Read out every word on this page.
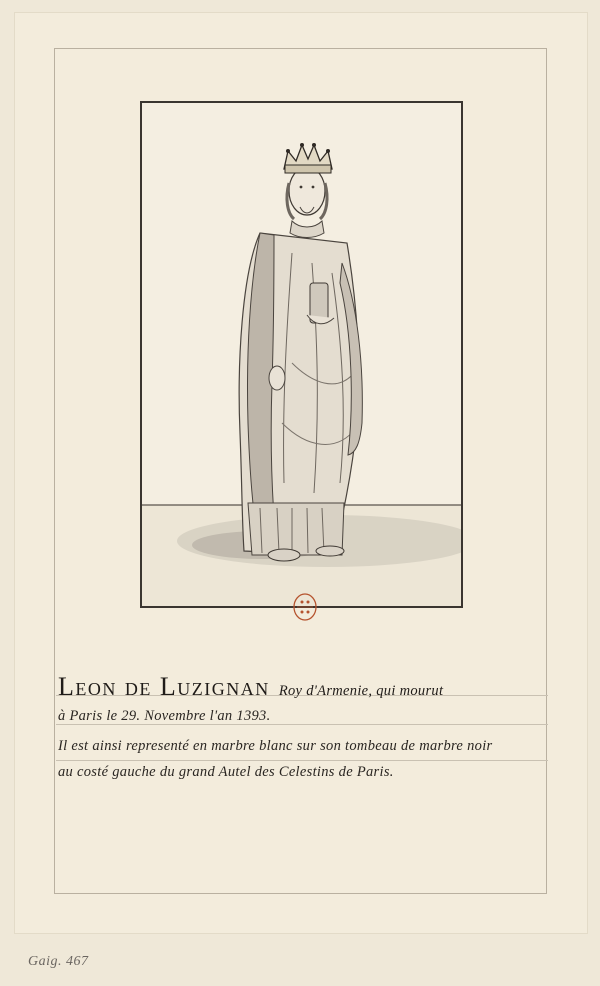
Leon de Luzignan Roy d'Armenie, qui mourut
à Paris le 29. Novembre l'an 1393.
Il est ainsi representé en marbre blanc sur son tombeau de marbre noir
au costé gauche du grand Autel des Celestins de Paris.
Gaig. 467
